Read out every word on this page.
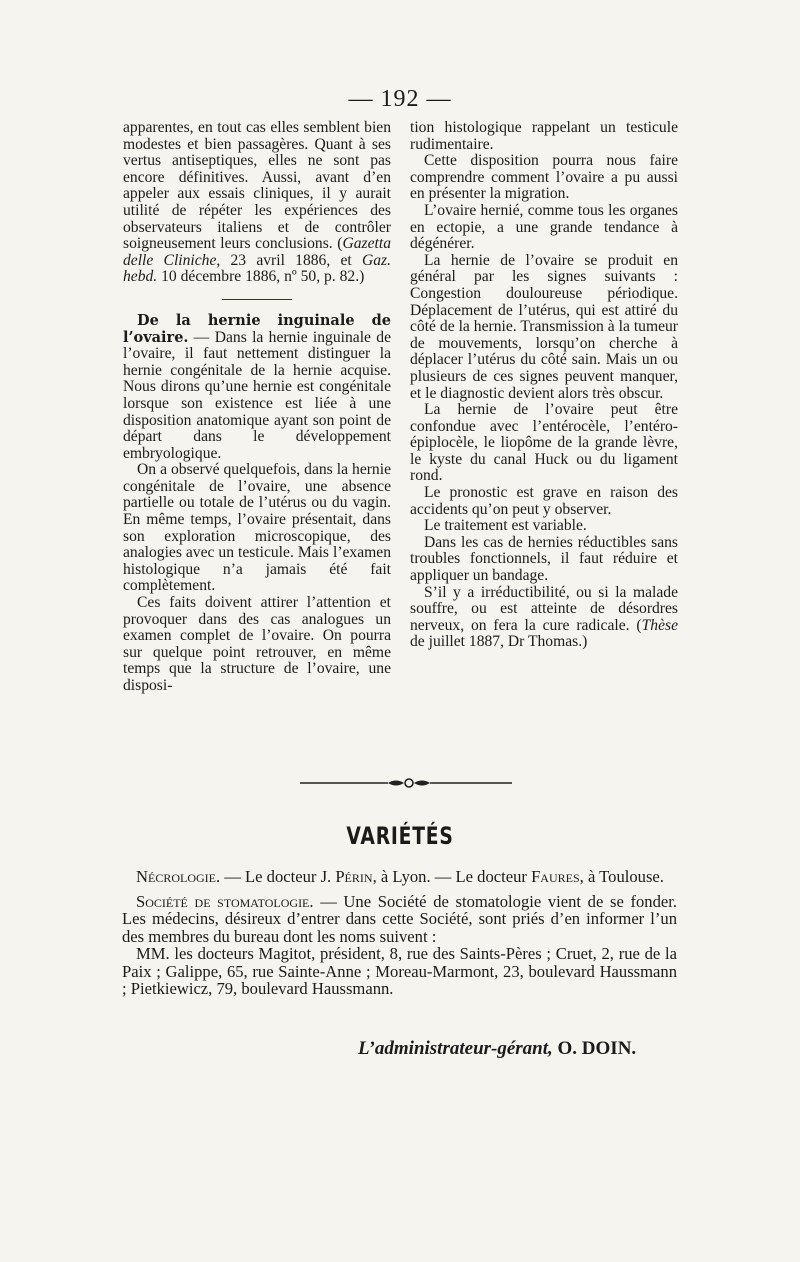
— 192 —

apparentes, en tout cas elles semblent bien modestes et bien passagères. Quant à ses vertus antiseptiques, elles ne sont pas encore définitives. Aussi, avant d’en appeler aux essais cliniques, il y aurait utilité de répéter les expériences des observateurs italiens et de contrôler soigneusement leurs conclusions. (Gazetta delle Cliniche, 23 avril 1886, et Gaz. hebd. 10 décembre 1886, nº 50, p. 82.)

De la hernie inguinale de l’ovaire. — Dans la hernie inguinale de l’ovaire, il faut nettement distinguer la hernie congénitale de la hernie acquise. Nous dirons qu’une hernie est congénitale lorsque son existence est liée à une disposition anatomique ayant son point de départ dans le développement embryologique.

On a observé quelquefois, dans la hernie congénitale de l’ovaire, une absence partielle ou totale de l’utérus ou du vagin. En même temps, l’ovaire présentait, dans son exploration microscopique, des analogies avec un testicule. Mais l’examen histologique n’a jamais été fait complètement.

Ces faits doivent attirer l’attention et provoquer dans des cas analogues un examen complet de l’ovaire. On pourra sur quelque point retrouver, en même temps que la structure de l’ovaire, une disposi-

tion histologique rappelant un testicule rudimentaire.

Cette disposition pourra nous faire comprendre comment l’ovaire a pu aussi en présenter la migration.

L’ovaire hernié, comme tous les organes en ectopie, a une grande tendance à dégénérer.

La hernie de l’ovaire se produit en général par les signes suivants : Congestion douloureuse périodique. Déplacement de l’utérus, qui est attiré du côté de la hernie. Transmission à la tumeur de mouvements, lorsqu’on cherche à déplacer l’utérus du côté sain. Mais un ou plusieurs de ces signes peuvent manquer, et le diagnostic devient alors très obscur.

La hernie de l’ovaire peut être confondue avec l’entérocèle, l’entéro-épiplocèle, le liopôme de la grande lèvre, le kyste du canal Huck ou du ligament rond.

Le pronostic est grave en raison des accidents qu’on peut y observer.

Le traitement est variable.

Dans les cas de hernies réductibles sans troubles fonctionnels, il faut réduire et appliquer un bandage.

S’il y a irréductibilité, ou si la malade souffre, ou est atteinte de désordres nerveux, on fera la cure radicale. (Thèse de juillet 1887, Dr Thomas.)

VARIÉTÉS

Nécrologie. — Le docteur J. Périn, à Lyon. — Le docteur Faures, à Toulouse.

Société de stomatologie. — Une Société de stomatologie vient de se fonder. Les médecins, désireux d’entrer dans cette Société, sont priés d’en informer l’un des membres du bureau dont les noms suivent :

MM. les docteurs Magitot, président, 8, rue des Saints-Pères ; Cruet, 2, rue de la Paix ; Galippe, 65, rue Sainte-Anne ; Moreau-Marmont, 23, boulevard Haussmann ; Pietkiewicz, 79, boulevard Haussmann.

L’administrateur-gérant, O. DOIN.
